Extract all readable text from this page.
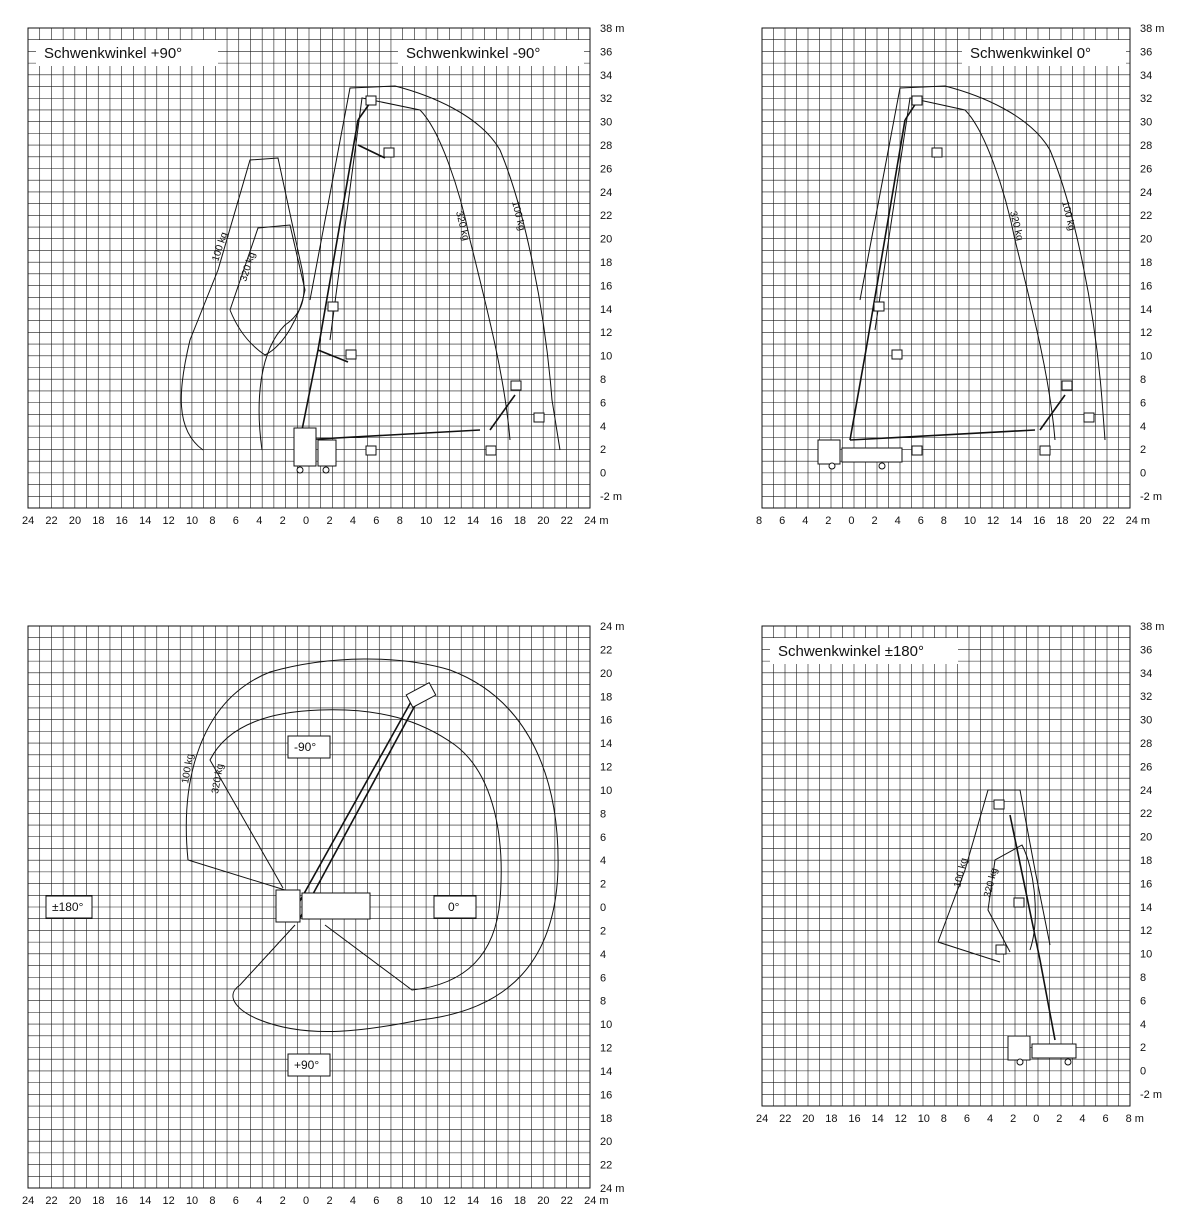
Schwenkwinkel +90°	Schwenkwinkel -90°
38 m
36
34
32
30
28
26
24
22
20
18
16
14
12
10
8
6
4
2
0
-2 m
24 22 20 18 16 14 12 10 8 6 4 2 0 2 4 6 8 10 12 14 16 18 20 22 24 m
100 kg
320 kg
320 kg	100 kg
Schwenkwinkel 0°
38 m
36
34
32
30
28
26
24
22
20
18
16
14
12
10
8
6
4
2
0
-2 m
8 6 4 2 0 2 4 6 8 10 12 14 16 18 20 22 24 m
320 kg	100 kg
24 m
22
20
18
16
14
12
10
8
6
4
2
0
2
4
6
8
10
12
14
16
18
20
22
24 m
24 22 20 18 16 14 12 10 8 6 4 2 0 2 4 6 8 10 12 14 16 18 20 22 24 m
100 kg 320 kg
-90°
±180°	0°
+90°
Schwenkwinkel ±180°
38 m
36
34
32
30
28
26
24
22
20
18
16
14
12
10
8
6
4
2
0
-2 m
24 22 20 18 16 14 12 10 8 6 4 2 0 2 4 6 8 m
100 kg 320 kg
